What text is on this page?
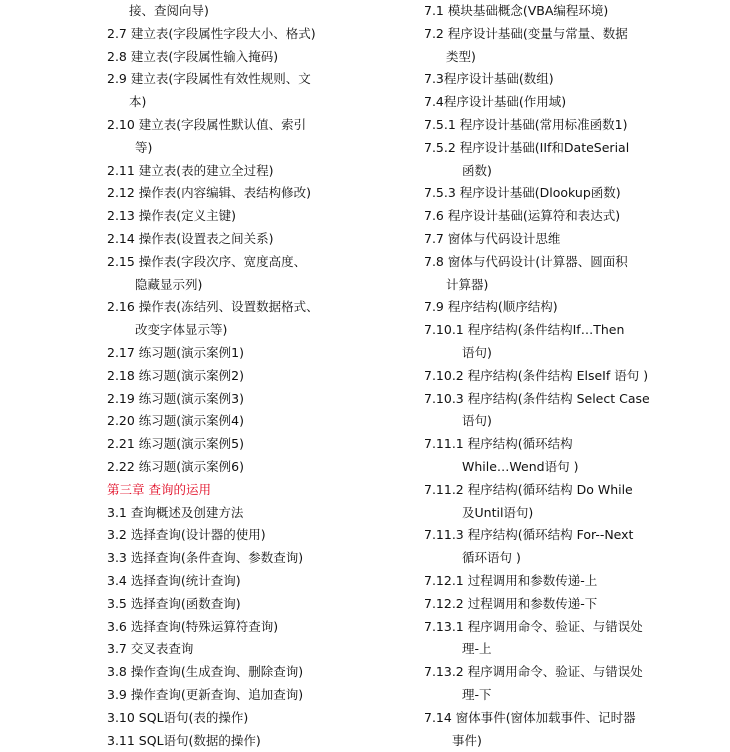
接、查阅向导)
2.7 建立表(字段属性字段大小、格式)
2.8 建立表(字段属性输入掩码)
2.9 建立表(字段属性有效性规则、文
本)
2.10 建立表(字段属性默认值、索引
等)
2.11 建立表(表的建立全过程)
2.12 操作表(内容编辑、表结构修改)
2.13 操作表(定义主键)
2.14 操作表(设置表之间关系)
2.15 操作表(字段次序、宽度高度、
隐藏显示列)
2.16 操作表(冻结列、设置数据格式、
改变字体显示等)
2.17 练习题(演示案例1)
2.18 练习题(演示案例2)
2.19 练习题(演示案例3)
2.20 练习题(演示案例4)
2.21 练习题(演示案例5)
2.22 练习题(演示案例6)
第三章 查询的运用
3.1 查询概述及创建方法
3.2 选择查询(设计器的使用)
3.3 选择查询(条件查询、参数查询)
3.4 选择查询(统计查询)
3.5 选择查询(函数查询)
3.6 选择查询(特殊运算符查询)
3.7 交叉表查询
3.8 操作查询(生成查询、删除查询)
3.9 操作查询(更新查询、追加查询)
3.10 SQL语句(表的操作)
3.11 SQL语句(数据的操作)
7.1 模块基础概念(VBA编程环境)
7.2 程序设计基础(变量与常量、数据
类型)
7.3程序设计基础(数组)
7.4程序设计基础(作用域)
7.5.1 程序设计基础(常用标准函数1)
7.5.2 程序设计基础(IIf和DateSerial
函数)
7.5.3 程序设计基础(Dlookup函数)
7.6 程序设计基础(运算符和表达式)
7.7 窗体与代码设计思维
7.8 窗体与代码设计(计算器、圆面积
计算器)
7.9 程序结构(顺序结构)
7.10.1 程序结构(条件结构If…Then
语句)
7.10.2 程序结构(条件结构 ElseIf 语句 )
7.10.3 程序结构(条件结构 Select Case
语句)
7.11.1 程序结构(循环结构
While…Wend语句 )
7.11.2 程序结构(循环结构 Do While
及Until语句)
7.11.3 程序结构(循环结构 For--Next
循环语句 )
7.12.1 过程调用和参数传递-上
7.12.2 过程调用和参数传递-下
7.13.1 程序调用命令、验证、与错误处
理-上
7.13.2 程序调用命令、验证、与错误处
理-下
7.14 窗体事件(窗体加载事件、记时器
事件)
